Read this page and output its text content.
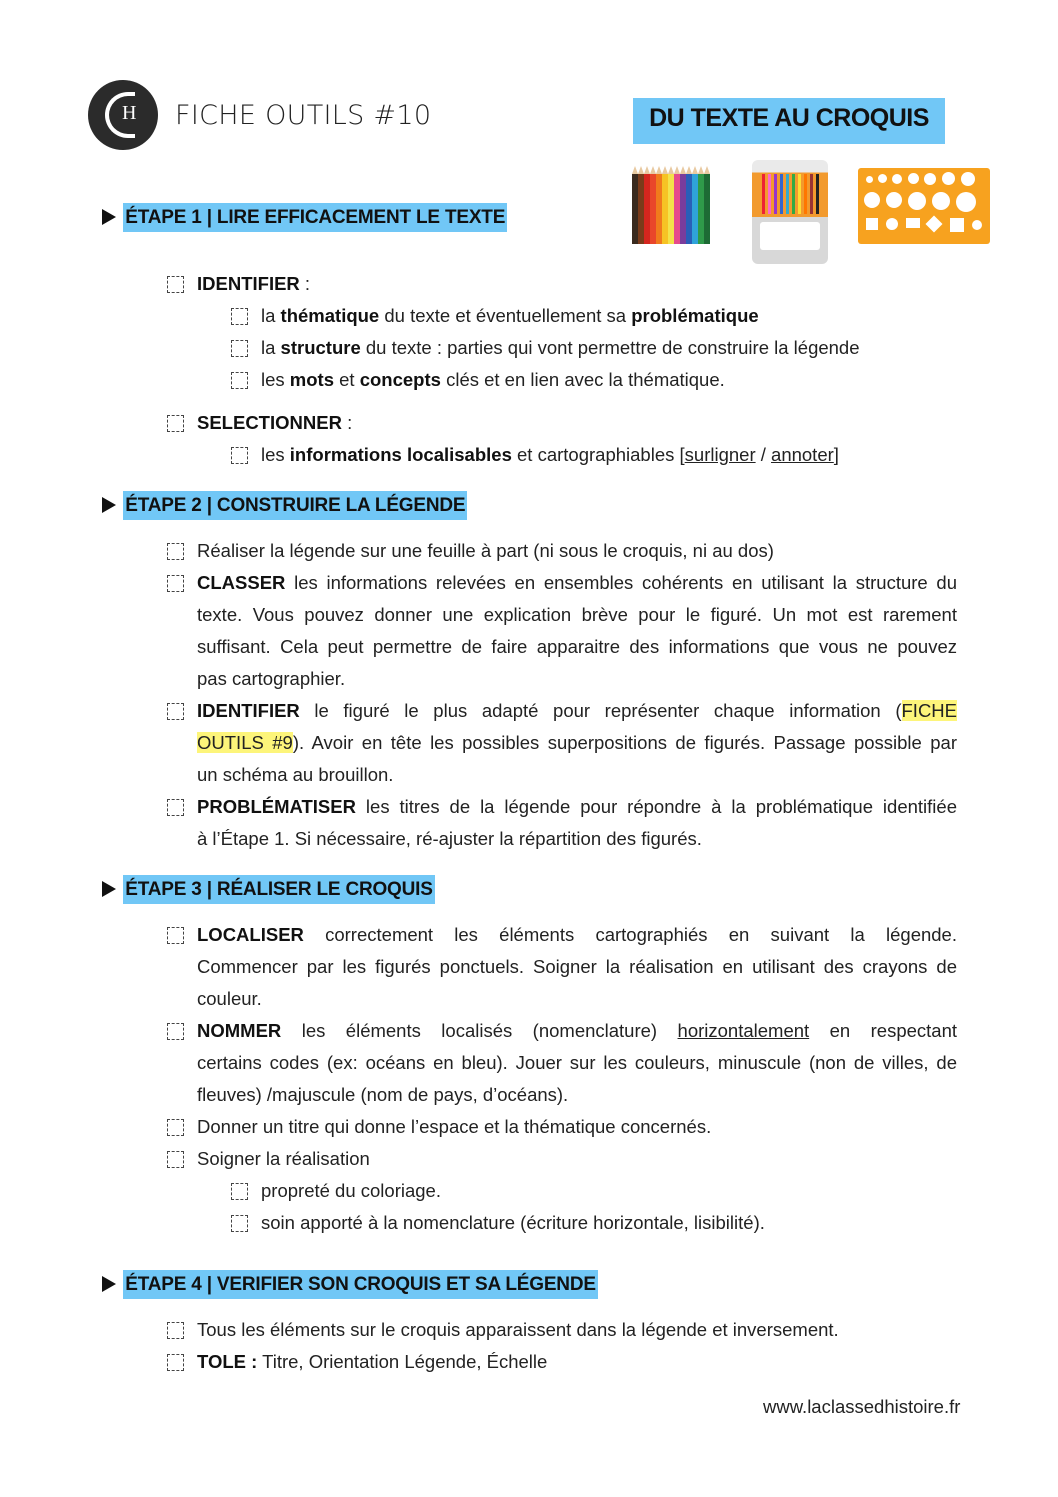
H FICHE OUTILS #10	DU TEXTE AU CROQUIS
ÉTAPE 1 | LIRE EFFICACEMENT LE TEXTE
IDENTIFIER :
la thématique du texte et éventuellement sa problématique
la structure du texte : parties qui vont permettre de construire la légende
les mots et concepts clés et en lien avec la thématique.
SELECTIONNER :
les informations localisables et cartographiables [surligner / annoter]
ÉTAPE 2 | CONSTRUIRE LA LÉGENDE
Réaliser la légende sur une feuille à part (ni sous le croquis, ni au dos)
CLASSER les informations relevées en ensembles cohérents en utilisant la structure du
texte. Vous pouvez donner une explication brève pour le figuré. Un mot est rarement
suffisant. Cela peut permettre de faire apparaitre des informations que vous ne pouvez
pas cartographier.
IDENTIFIER le figuré le plus adapté pour représenter chaque information (FICHE
OUTILS #9). Avoir en tête les possibles superpositions de figurés. Passage possible par
un schéma au brouillon.
PROBLÉMATISER les titres de la légende pour répondre à la problématique identifiée
à l’Étape 1. Si nécessaire, ré-ajuster la répartition des figurés.
ÉTAPE 3 | RÉALISER LE CROQUIS
LOCALISER correctement les éléments cartographiés en suivant la légende.
Commencer par les figurés ponctuels. Soigner la réalisation en utilisant des crayons de
couleur.
NOMMER les éléments localisés (nomenclature) horizontalement en respectant
certains codes (ex: océans en bleu). Jouer sur les couleurs, minuscule (non de villes, de
fleuves) /majuscule (nom de pays, d’océans).
Donner un titre qui donne l’espace et la thématique concernés.
Soigner la réalisation
propreté du coloriage.
soin apporté à la nomenclature (écriture horizontale, lisibilité).
ÉTAPE 4 | VERIFIER SON CROQUIS ET SA LÉGENDE
Tous les éléments sur le croquis apparaissent dans la légende et inversement.
TOLE : Titre, Orientation Légende, Échelle
www.laclassedhistoire.fr
